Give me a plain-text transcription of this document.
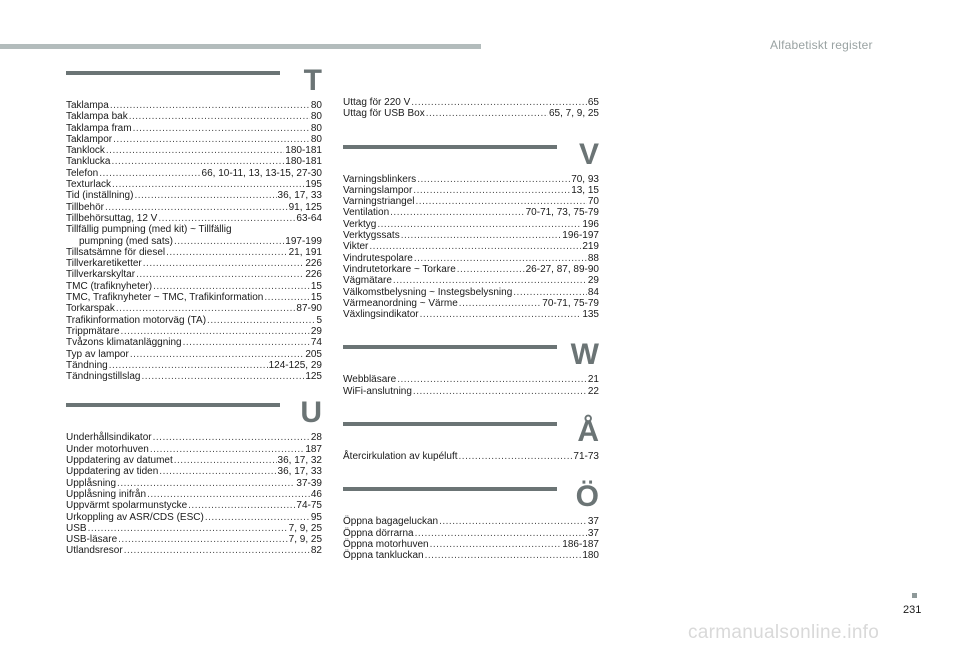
Alfabetiskt register
T
Taklampa .....	80
Taklampa bak .....	80
Taklampa fram .....	80
Taklampor .....	80
Tanklock .....	180-181
Tanklucka .....	180-181
Telefon .....	66, 10-11, 13, 13-15, 27-30
Texturlack .....	195
Tid (inställning) .....	36, 17, 33
Tillbehör .....	91, 125
Tillbehörsuttag, 12 V .....	63-64
Tillfällig pumpning (med kit) ~ Tillfällig
pumpning (med sats) .....	197-199
Tillsatsämne för diesel .....	21, 191
Tillverkaretiketter .....	226
Tillverkarskyltar .....	226
TMC (trafiknyheter) .....	15
TMC, Trafiknyheter ~ TMC, Trafikinformation .....	15
Torkarspak .....	87-90
Trafikinformation motorväg (TA) .....	5
Trippmätare .....	29
Tvåzons klimatanläggning .....	74
Typ av lampor .....	205
Tändning .....	124-125, 29
Tändningstillslag .....	125
U
Underhållsindikator .....	28
Under motorhuven .....	187
Uppdatering av datumet .....	36, 17, 32
Uppdatering av tiden .....	36, 17, 33
Upplåsning .....	37-39
Upplåsning inifrån .....	46
Uppvärmt spolarmunstycke .....	74-75
Urkoppling av ASR/CDS (ESC) .....	95
USB .....	7, 9, 25
USB-läsare .....	7, 9, 25
Utlandsresor .....	82
Uttag för 220 V .....	65
Uttag för USB Box .....	65, 7, 9, 25
V
Varningsblinkers .....	70, 93
Varningslampor .....	13, 15
Varningstriangel .....	70
Ventilation .....	70-71, 73, 75-79
Verktyg .....	196
Verktygssats .....	196-197
Vikter .....	219
Vindrutespolare .....	88
Vindrutetorkare ~ Torkare .....	26-27, 87, 89-90
Vägmätare .....	29
Välkomstbelysning ~ Instegsbelysning .....	84
Värmeanordning ~ Värme .....	70-71, 75-79
Växlingsindikator .....	135
W
Webbläsare .....	21
WiFi-anslutning .....	22
Å
Återcirkulation av kupéluft .....	71-73
Ö
Öppna bagageluckan .....	37
Öppna dörrarna .....	37
Öppna motorhuven .....	186-187
Öppna tankluckan .....	180
231
carmanualsonline.info
